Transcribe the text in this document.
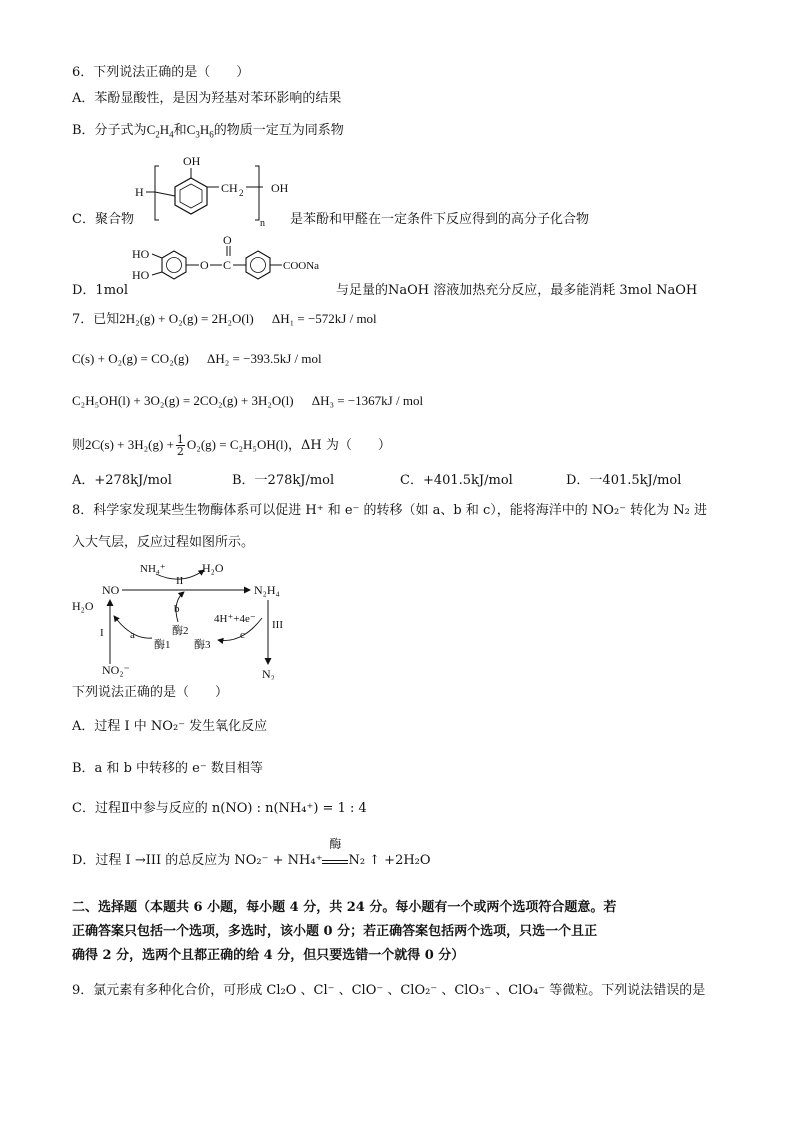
6．下列说法正确的是（　　）
A．苯酚显酸性，是因为羟基对苯环影响的结果
B．分子式为$C_2H_4$和$C_3H_6$的物质一定互为同系物
H
OH
CH 2
n
OH
C．聚合物	是苯酚和甲醛在一定条件下反应得到的高分子化合物
HO
HO
O C
O
COONa
D．1mol	与足量的NaOH 溶液加热充分反应，最多能消耗 3mol NaOH
7．已知2H₂(g) + O₂(g) = 2H₂O(l) ΔH₁ = −572kJ / mol
C(s) + O₂(g) = CO₂(g) ΔH₂ = −393.5kJ / mol
C₂H₅OH(l) + 3O₂(g) = 2CO₂(g) + 3H₂O(l) ΔH₃ = −1367kJ / mol
则$2C(s) + 3H_2(g) + \frac{1}{2} O_2(g) = C_2H_5OH(l)$，ΔH 为（　　）
A．+278kJ/mol	B．一278kJ/mol	C．+401.5kJ/mol	D．一401.5kJ/mol
8．科学家发现某些生物酶体系可以促进 H⁺ 和 e⁻ 的转移（如 a、b 和 c），能将海洋中的 NO₂⁻ 转化为 N₂ 进
入大气层，反应过程如图所示。
NO
NH₄⁺
II
H₂O
N₂H₄
b
酶2
H₂O
I a
酶1
NO₂⁻
III
4H⁺+4e⁻
c
酶3
N₂
下列说法正确的是（　　）
A．过程 I 中 NO₂⁻ 发生氧化反应
B．a 和 b 中转移的 e⁻ 数目相等
C．过程Ⅱ中参与反应的 n(NO) : n(NH₄⁺) = 1 : 4
D．过程 I →III 的总反应为 NO₂⁻ + NH₄⁺
酶
N₂ ↑ +2H₂O
二、选择题（本题共 6 小题，每小题 4 分，共 24 分。每小题有一个或两个选项符合题意。若
正确答案只包括一个选项，多选时，该小题 0 分；若正确答案包括两个选项，只选一个且正
确得 2 分，选两个且都正确的给 4 分，但只要选错一个就得 0 分）
9．氯元素有多种化合价，可形成 Cl₂O 、Cl⁻ 、ClO⁻ 、ClO₂⁻ 、ClO₃⁻ 、ClO₄⁻ 等微粒。下列说法错误的是
